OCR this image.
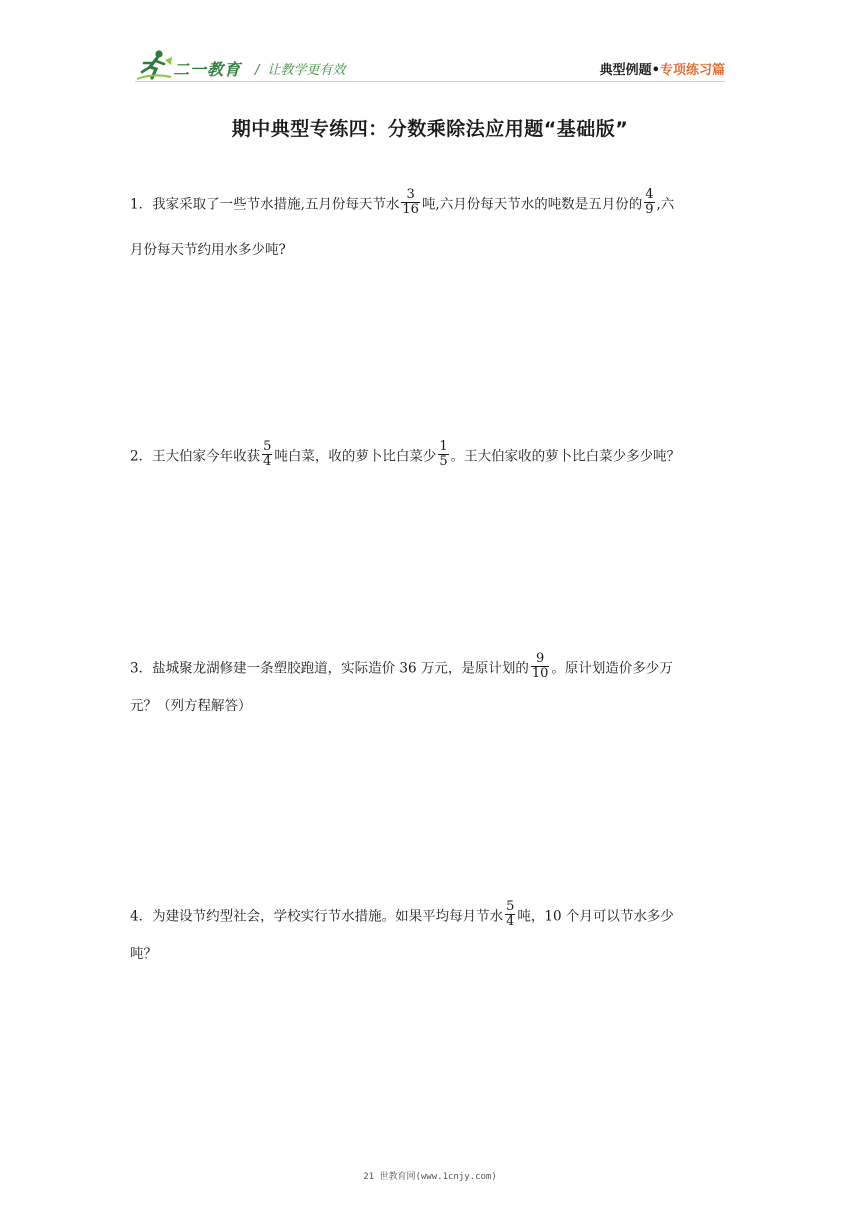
二一教育 / 让教学更有效	典型例题•专项练习篇
期中典型专练四：分数乘除法应用题“基础版”
1．我家采取了一些节水措施,五月份每天节水 $\frac{3}{16}$ 吨,六月份每天节水的吨数是五月份的 $\frac{4}{9}$ ,六
月份每天节约用水多少吨?
2．王大伯家今年收获 $\frac{5}{4}$ 吨白菜，收的萝卜比白菜少 $\frac{1}{5}$ 。王大伯家收的萝卜比白菜少多少吨？
3．盐城聚龙湖修建一条塑胶跑道，实际造价 36 万元，是原计划的 $\frac{9}{10}$ 。原计划造价多少万
元？（列方程解答）
4．为建设节约型社会，学校实行节水措施。如果平均每月节水 $\frac{5}{4}$ 吨，10 个月可以节水多少
吨？
21 世教育网(www.1cnjy.com)
